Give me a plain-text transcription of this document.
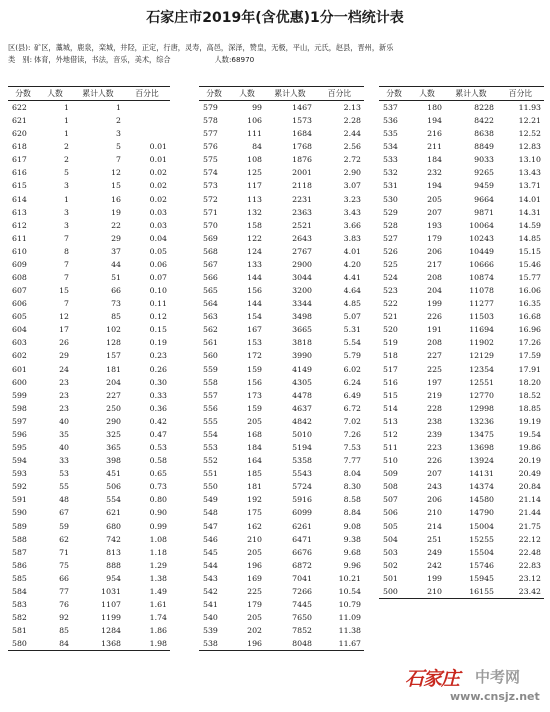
石家庄市2019年(含优惠)1分一档统计表
区(县): 矿区，藁城，鹿泉，栾城，井陉，正定，行唐，灵寿，高邑，深泽，赞皇，无极，平山，元氏，赵县，晋州，新乐
类　别: 体育，外地借读，书法，音乐，美术，综合	人数:68970
分数	人数	累计人数	百分比
622	1	1	
621	1	2	
620	1	3	
618	2	5	0.01
617	2	7	0.01
616	5	12	0.02
615	3	15	0.02
614	1	16	0.02
613	3	19	0.03
612	3	22	0.03
611	7	29	0.04
610	8	37	0.05
609	7	44	0.06
608	7	51	0.07
607	15	66	0.10
606	7	73	0.11
605	12	85	0.12
604	17	102	0.15
603	26	128	0.19
602	29	157	0.23
601	24	181	0.26
600	23	204	0.30
599	23	227	0.33
598	23	250	0.36
597	40	290	0.42
596	35	325	0.47
595	40	365	0.53
594	33	398	0.58
593	53	451	0.65
592	55	506	0.73
591	48	554	0.80
590	67	621	0.90
589	59	680	0.99
588	62	742	1.08
587	71	813	1.18
586	75	888	1.29
585	66	954	1.38
584	77	1031	1.49
583	76	1107	1.61
582	92	1199	1.74
581	85	1284	1.86
580	84	1368	1.98
分数	人数	累计人数	百分比
579	99	1467	2.13
578	106	1573	2.28
577	111	1684	2.44
576	84	1768	2.56
575	108	1876	2.72
574	125	2001	2.90
573	117	2118	3.07
572	113	2231	3.23
571	132	2363	3.43
570	158	2521	3.66
569	122	2643	3.83
568	124	2767	4.01
567	133	2900	4.20
566	144	3044	4.41
565	156	3200	4.64
564	144	3344	4.85
563	154	3498	5.07
562	167	3665	5.31
561	153	3818	5.54
560	172	3990	5.79
559	159	4149	6.02
558	156	4305	6.24
557	173	4478	6.49
556	159	4637	6.72
555	205	4842	7.02
554	168	5010	7.26
553	184	5194	7.53
552	164	5358	7.77
551	185	5543	8.04
550	181	5724	8.30
549	192	5916	8.58
548	175	6099	8.84
547	162	6261	9.08
546	210	6471	9.38
545	205	6676	9.68
544	196	6872	9.96
543	169	7041	10.21
542	225	7266	10.54
541	179	7445	10.79
540	205	7650	11.09
539	202	7852	11.38
538	196	8048	11.67
分数	人数	累计人数	百分比
537	180	8228	11.93
536	194	8422	12.21
535	216	8638	12.52
534	211	8849	12.83
533	184	9033	13.10
532	232	9265	13.43
531	194	9459	13.71
530	205	9664	14.01
529	207	9871	14.31
528	193	10064	14.59
527	179	10243	14.85
526	206	10449	15.15
525	217	10666	15.46
524	208	10874	15.77
523	204	11078	16.06
522	199	11277	16.35
521	226	11503	16.68
520	191	11694	16.96
519	208	11902	17.26
518	227	12129	17.59
517	225	12354	17.91
516	197	12551	18.20
515	219	12770	18.52
514	228	12998	18.85
513	238	13236	19.19
512	239	13475	19.54
511	223	13698	19.86
510	226	13924	20.19
509	207	14131	20.49
508	243	14374	20.84
507	206	14580	21.14
506	210	14790	21.44
505	214	15004	21.75
504	251	15255	22.12
503	249	15504	22.48
502	242	15746	22.83
501	199	15945	23.12
500	210	16155	23.42
石家庄 中考网
www.cnsjz.net
